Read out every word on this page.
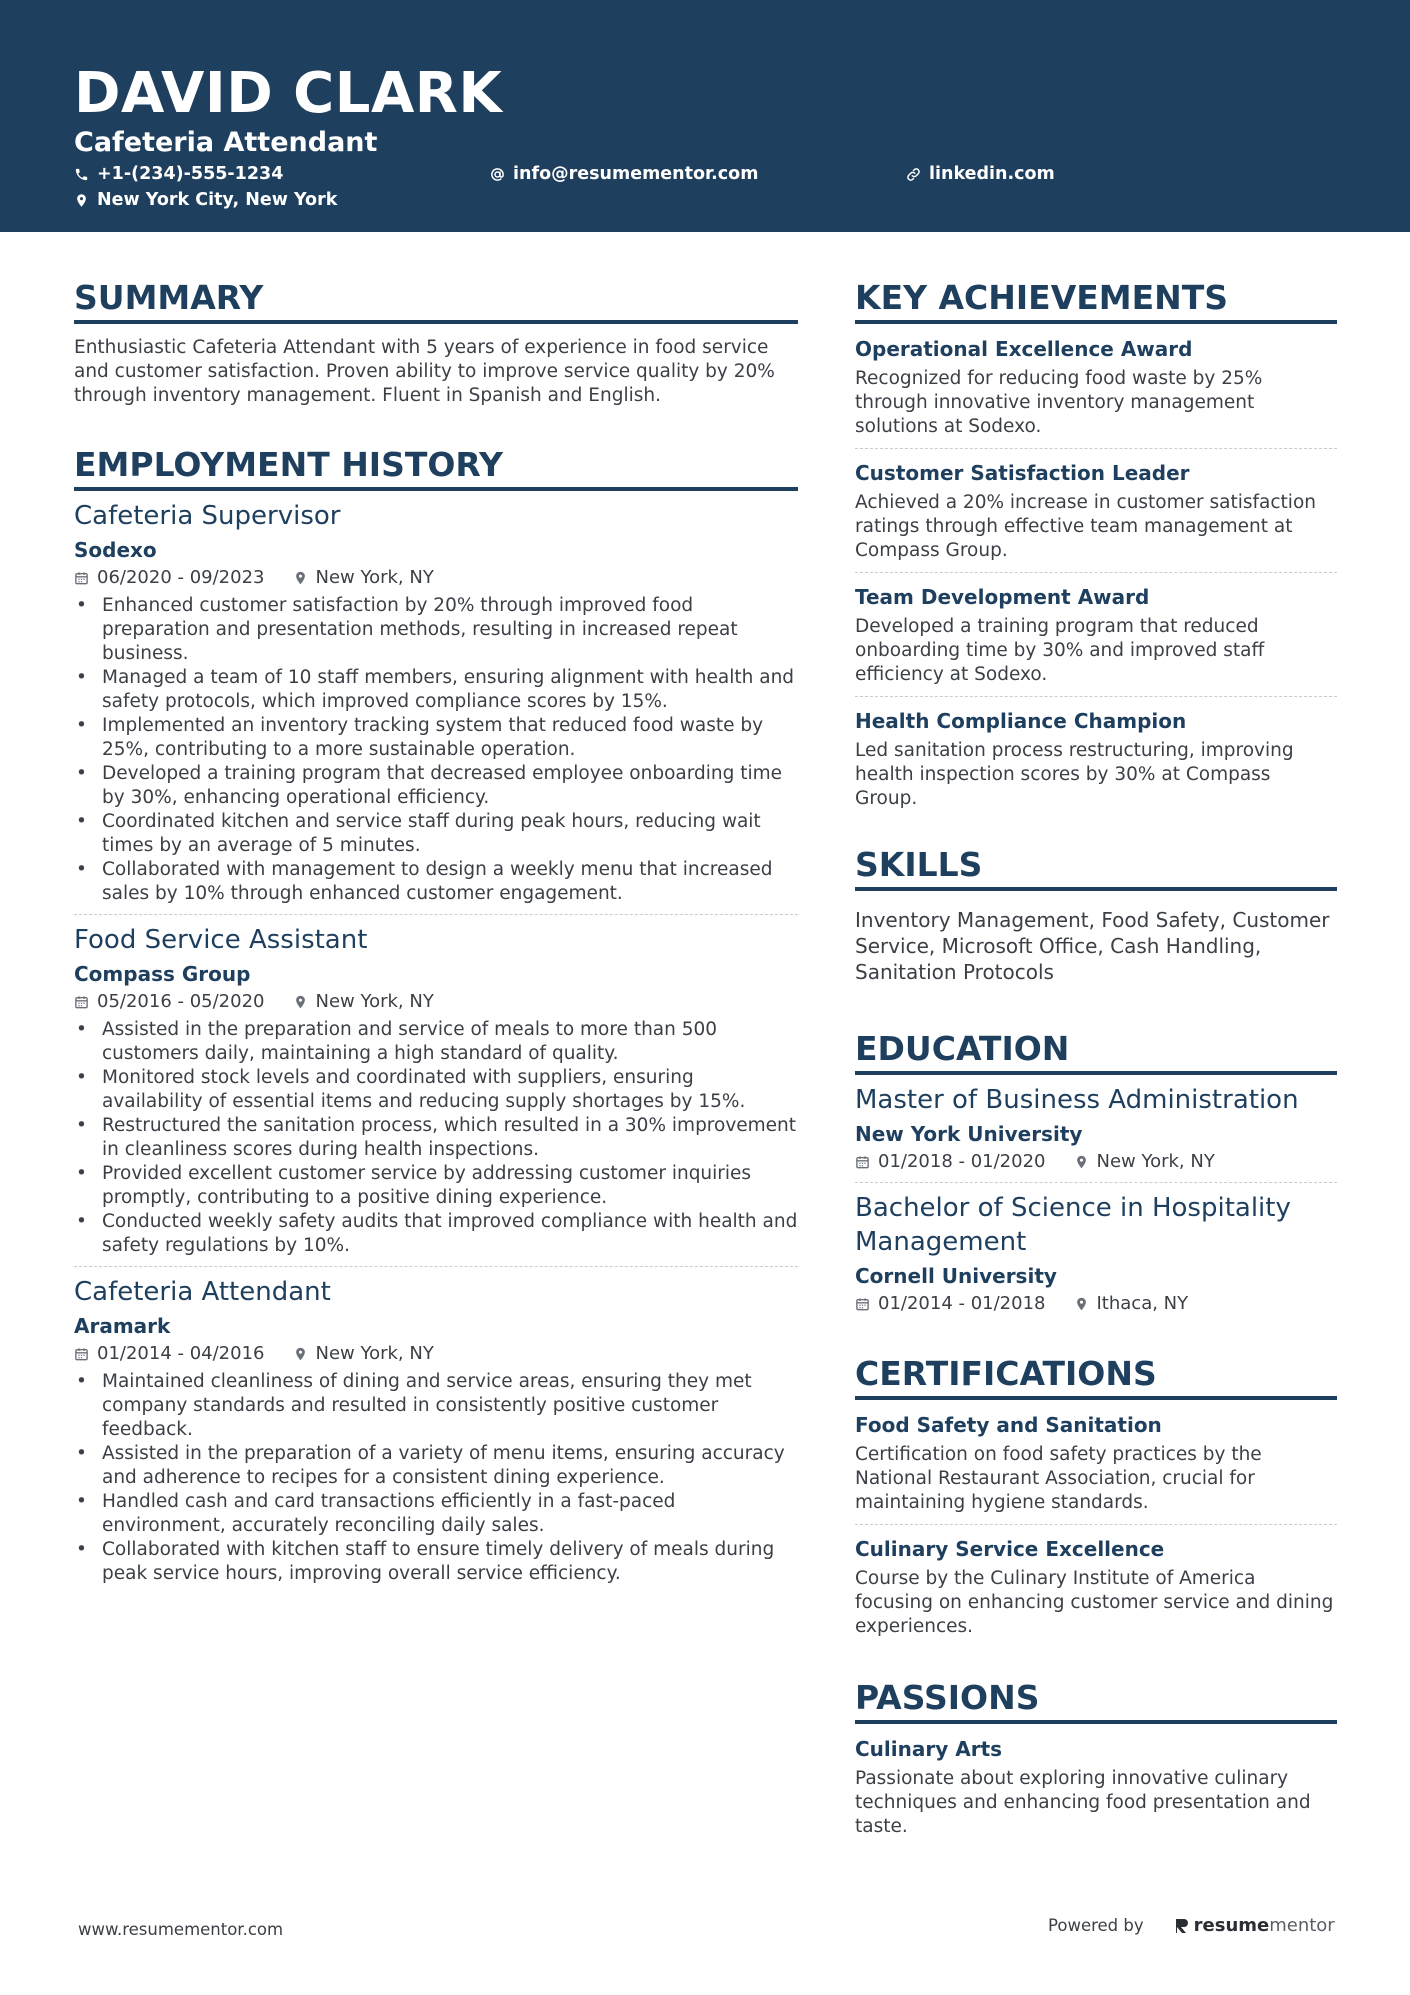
DAVID CLARK
Cafeteria Attendant
+1-(234)-555-1234	info@resumementor.com	linkedin.com
New York City, New York
SUMMARY
Enthusiastic Cafeteria Attendant with 5 years of experience in food service and customer satisfaction. Proven ability to improve service quality by 20% through inventory management. Fluent in Spanish and English.
EMPLOYMENT HISTORY
Cafeteria Supervisor
Sodexo
06/2020 - 09/2023	New York, NY
• Enhanced customer satisfaction by 20% through improved food preparation and presentation methods, resulting in increased repeat business.
• Managed a team of 10 staff members, ensuring alignment with health and safety protocols, which improved compliance scores by 15%.
• Implemented an inventory tracking system that reduced food waste by 25%, contributing to a more sustainable operation.
• Developed a training program that decreased employee onboarding time by 30%, enhancing operational efficiency.
• Coordinated kitchen and service staff during peak hours, reducing wait times by an average of 5 minutes.
• Collaborated with management to design a weekly menu that increased sales by 10% through enhanced customer engagement.
Food Service Assistant
Compass Group
05/2016 - 05/2020	New York, NY
• Assisted in the preparation and service of meals to more than 500 customers daily, maintaining a high standard of quality.
• Monitored stock levels and coordinated with suppliers, ensuring availability of essential items and reducing supply shortages by 15%.
• Restructured the sanitation process, which resulted in a 30% improvement in cleanliness scores during health inspections.
• Provided excellent customer service by addressing customer inquiries promptly, contributing to a positive dining experience.
• Conducted weekly safety audits that improved compliance with health and safety regulations by 10%.
Cafeteria Attendant
Aramark
01/2014 - 04/2016	New York, NY
• Maintained cleanliness of dining and service areas, ensuring they met company standards and resulted in consistently positive customer feedback.
• Assisted in the preparation of a variety of menu items, ensuring accuracy and adherence to recipes for a consistent dining experience.
• Handled cash and card transactions efficiently in a fast-paced environment, accurately reconciling daily sales.
• Collaborated with kitchen staff to ensure timely delivery of meals during peak service hours, improving overall service efficiency.
KEY ACHIEVEMENTS
Operational Excellence Award
Recognized for reducing food waste by 25% through innovative inventory management solutions at Sodexo.
Customer Satisfaction Leader
Achieved a 20% increase in customer satisfaction ratings through effective team management at Compass Group.
Team Development Award
Developed a training program that reduced onboarding time by 30% and improved staff efficiency at Sodexo.
Health Compliance Champion
Led sanitation process restructuring, improving health inspection scores by 30% at Compass Group.
SKILLS
Inventory Management, Food Safety, Customer Service, Microsoft Office, Cash Handling, Sanitation Protocols
EDUCATION
Master of Business Administration
New York University
01/2018 - 01/2020	New York, NY
Bachelor of Science in Hospitality Management
Cornell University
01/2014 - 01/2018	Ithaca, NY
CERTIFICATIONS
Food Safety and Sanitation
Certification on food safety practices by the National Restaurant Association, crucial for maintaining hygiene standards.
Culinary Service Excellence
Course by the Culinary Institute of America focusing on enhancing customer service and dining experiences.
PASSIONS
Culinary Arts
Passionate about exploring innovative culinary techniques and enhancing food presentation and taste.
www.resumementor.com	Powered by	resume mentor
